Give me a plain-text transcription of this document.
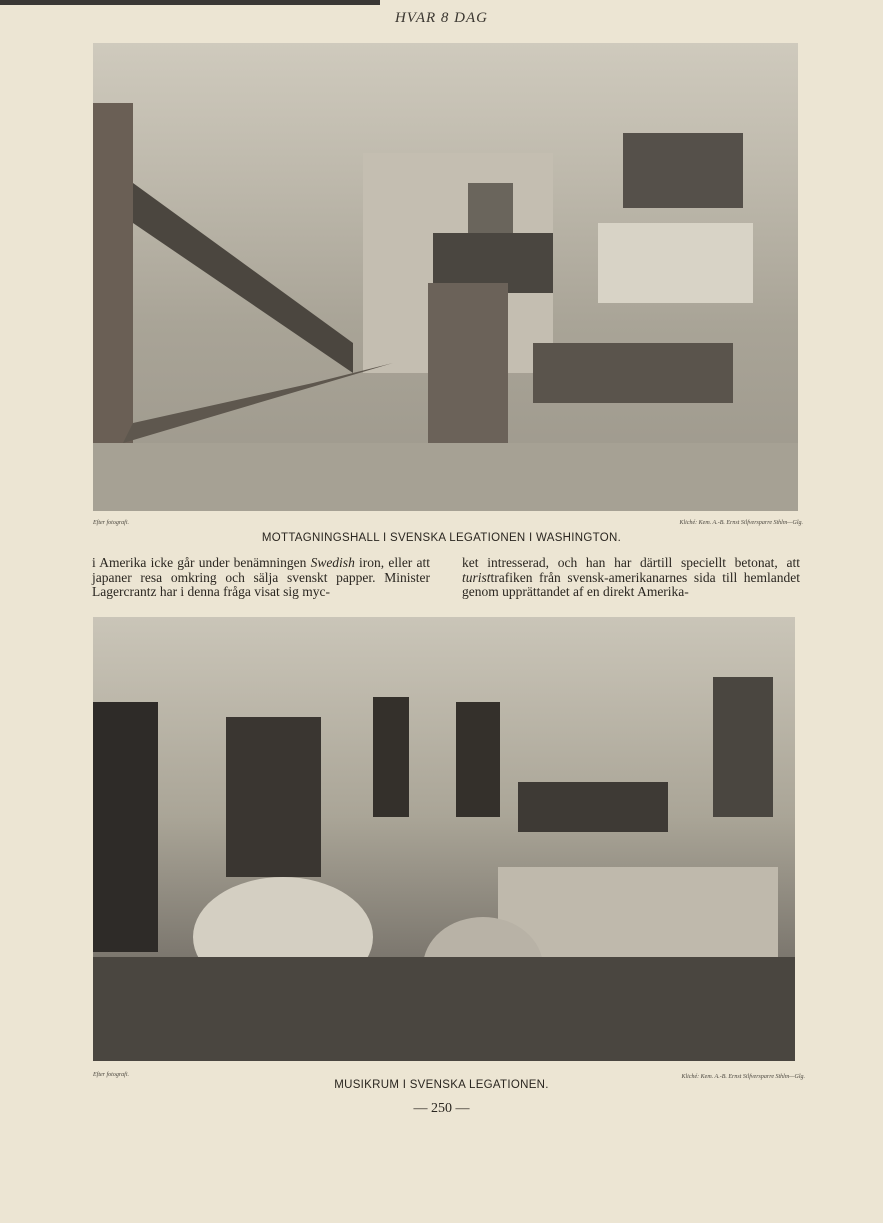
HVAR 8 DAG
Efter fotografi.	Kliché: Kem. A.-B. Ernst Silfversparre Sthlm—Glg.
MOTTAGNINGSHALL I SVENSKA LEGATIONEN I WASHINGTON.

i Amerika icke går under benämningen Swedish iron, eller att japaner resa omkring och sälja svenskt papper. Minister Lagercrantz har i denna fråga visat sig myc-

ket intresserad, och han har därtill speciellt betonat, att turisttrafiken från svensk-amerikanarnes sida till hemlandet genom upprättandet af en direkt Amerika-

Efter fotografi.	Kliché: Kem. A.-B. Ernst Silfversparre Sthlm—Glg.
MUSIKRUM I SVENSKA LEGATIONEN.
— 250 —
